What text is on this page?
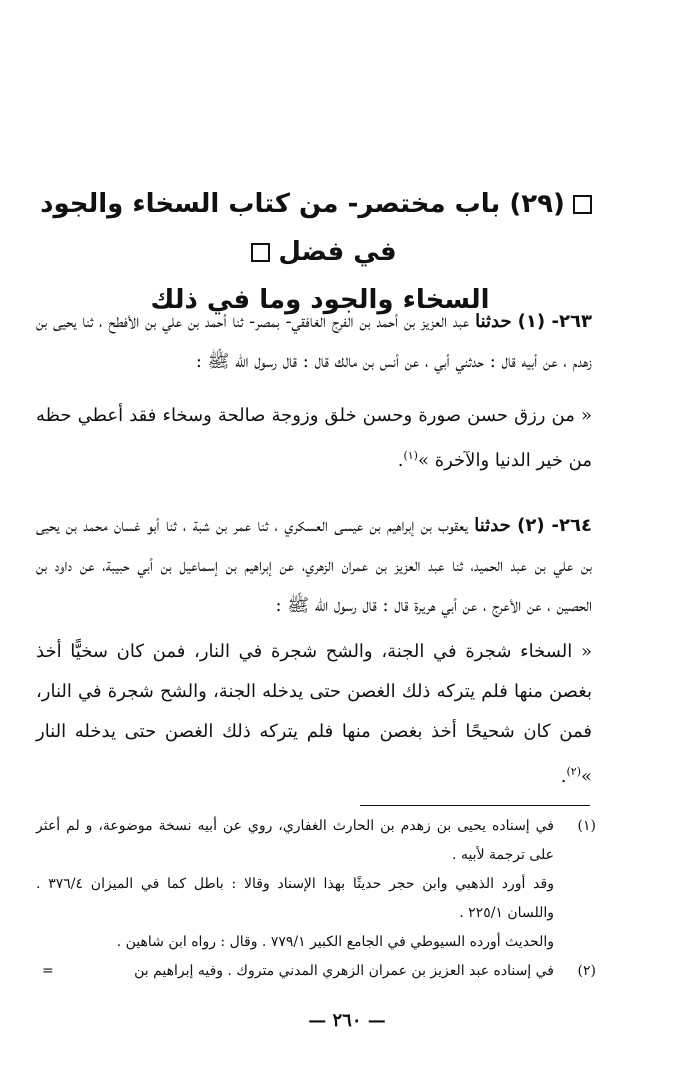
(٢٩) باب مختصر- من كتاب السخاء والجود في فضل
السخاء والجود وما في ذلك

٢٦٣- (١) حدثنا عبد العزيز بن أحمد بن الفرج الغافقي- بمصر- ثنا أحمد بن علي بن الأفطح ، ثنا يحيى بن زهدم ، عن أبيه قال : حدثني أبي ، عن أنس بن مالك قال : قال رسول الله ﷺ :

« من رزق حسن صورة وحسن خلق وزوجة صالحة وسخاء فقد أعطي حظه من خير الدنيا والآخرة »$^{(١)}$.

٢٦٤- (٢) حدثنا يعقوب بن إبراهيم بن عيسى العسكري ، ثنا عمر بن شبة ، ثنا أبو غسان محمد بن يحيى بن علي بن عبد الحميد، ثنا عبد العزيز بن عمران الزهري، عن إبراهيم بن إسماعيل بن أبي حبيبة، عن داود بن الحصين ، عن الأعرج ، عن أبي هريرة قال : قال رسول الله ﷺ :

« السخاء شجرة في الجنة، والشح شجرة في النار، فمن كان سخيًّا أخذ بغصن منها فلم يتركه ذلك الغصن حتى يدخله الجنة، والشح شجرة في النار، فمن كان شحيحًا أخذ بغصن منها فلم يتركه ذلك الغصن حتى يدخله النار »$^{(٢)}$.

(١)
في إسناده يحيى بن زهدم بن الحارث الغفاري، روي عن أبيه نسخة موضوعة، و لم أعثر على ترجمة لأبيه .
وقد أورد الذهبي وابن حجر حديثًا بهذا الإسناد وقالا : باطل كما في الميزان ٣٧٦/٤ . واللسان ٢٢٥/١ .
والحديث أورده السيوطي في الجامع الكبير ٧٧٩/١ . وقال : رواه ابن شاهين .
(٢)
في إسناده عبد العزيز بن عمران الزهري المدني متروك . وفيه إبراهيم بن
=
— ٢٦٠ —
